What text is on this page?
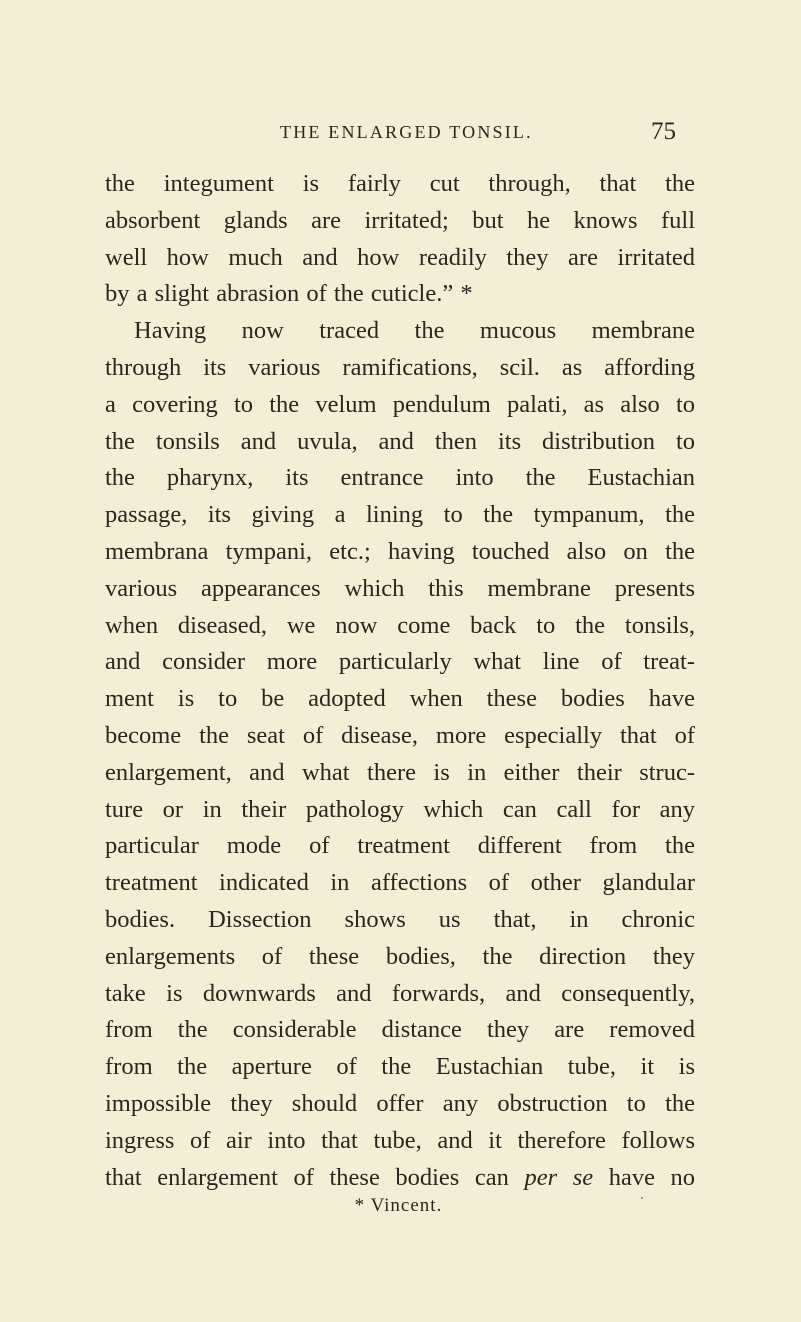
THE ENLARGED TONSIL.	75
the integument is fairly cut through, that the
absorbent glands are irritated; but he knows full
well how much and how readily they are irritated
by a slight abrasion of the cuticle.” *
Having now traced the mucous membrane
through its various ramifications, scil. as affording
a covering to the velum pendulum palati, as also to
the tonsils and uvula, and then its distribution to
the pharynx, its entrance into the Eustachian
passage, its giving a lining to the tympanum, the
membrana tympani, etc.; having touched also on the
various appearances which this membrane presents
when diseased, we now come back to the tonsils,
and consider more particularly what line of treat-
ment is to be adopted when these bodies have
become the seat of disease, more especially that of
enlargement, and what there is in either their struc-
ture or in their pathology which can call for any
particular mode of treatment different from the
treatment indicated in affections of other glandular
bodies. Dissection shows us that, in chronic
enlargements of these bodies, the direction they
take is downwards and forwards, and consequently,
from the considerable distance they are removed
from the aperture of the Eustachian tube, it is
impossible they should offer any obstruction to the
ingress of air into that tube, and it therefore follows
that enlargement of these bodies can per se have no
* Vincent.
